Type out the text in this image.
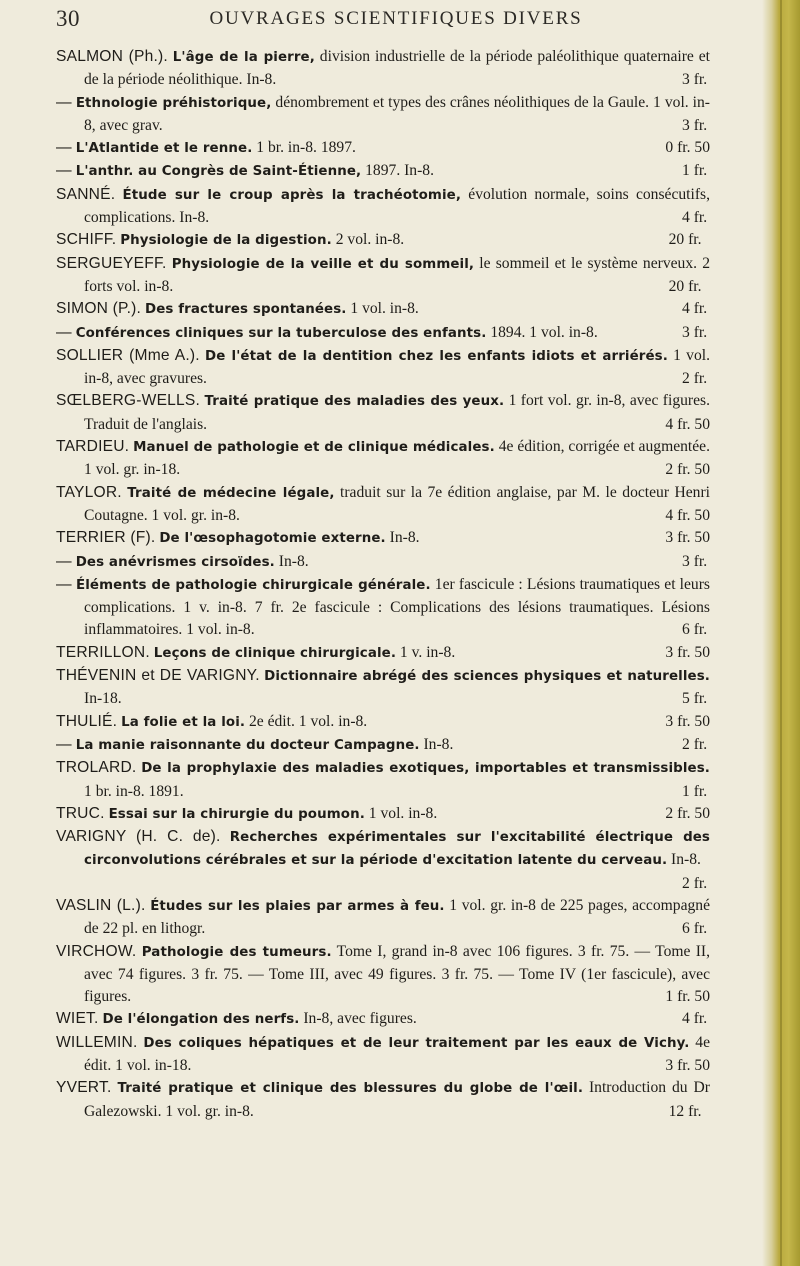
30	OUVRAGES SCIENTIFIQUES DIVERS

SALMON (Ph.). L'âge de la pierre, division industrielle de la période paléolithique quaternaire et de la période néolithique. In-8.	3 fr.

— Ethnologie préhistorique, dénombrement et types des crânes néolithiques de la Gaule. 1 vol. in-8, avec grav.	3 fr.

— L'Atlantide et le renne. 1 br. in-8. 1897.	0 fr. 50

— L'anthr. au Congrès de Saint-Étienne, 1897. In-8.	1 fr.

SANNÉ. Étude sur le croup après la trachéotomie, évolution normale, soins consécutifs, complications. In-8.	4 fr.

SCHIFF. Physiologie de la digestion. 2 vol. in-8.	20 fr.

SERGUEYEFF. Physiologie de la veille et du sommeil, le sommeil et le système nerveux. 2 forts vol. in-8.	20 fr.

SIMON (P.). Des fractures spontanées. 1 vol. in-8.	4 fr.

— Conférences cliniques sur la tuberculose des enfants. 1894. 1 vol. in-8.	3 fr.

SOLLIER (Mme A.). De l'état de la dentition chez les enfants idiots et arriérés. 1 vol. in-8, avec gravures.	2 fr.

SŒLBERG-WELLS. Traité pratique des maladies des yeux. 1 fort vol. gr. in-8, avec figures. Traduit de l'anglais.	4 fr. 50

TARDIEU. Manuel de pathologie et de clinique médicales. 4e édition, corrigée et augmentée. 1 vol. gr. in-18.	2 fr. 50

TAYLOR. Traité de médecine légale, traduit sur la 7e édition anglaise, par M. le docteur Henri Coutagne. 1 vol. gr. in-8.	4 fr. 50

TERRIER (F). De l'œsophagotomie externe. In-8.	3 fr. 50

— Des anévrismes cirsoïdes. In-8.	3 fr.

— Éléments de pathologie chirurgicale générale. 1er fascicule : Lésions traumatiques et leurs complications. 1 v. in-8. 7 fr. 2e fascicule : Complications des lésions traumatiques. Lésions inflammatoires. 1 vol. in-8.	6 fr.

TERRILLON. Leçons de clinique chirurgicale. 1 v. in-8.	3 fr. 50

THÉVENIN et DE VARIGNY. Dictionnaire abrégé des sciences physiques et naturelles. In-18.	5 fr.

THULIÉ. La folie et la loi. 2e édit. 1 vol. in-8.	3 fr. 50

— La manie raisonnante du docteur Campagne. In-8.	2 fr.

TROLARD. De la prophylaxie des maladies exotiques, importables et transmissibles. 1 br. in-8. 1891.	1 fr.

TRUC. Essai sur la chirurgie du poumon. 1 vol. in-8.	2 fr. 50

VARIGNY (H. C. de). Recherches expérimentales sur l'excitabilité électrique des circonvolutions cérébrales et sur la période d'excitation latente du cerveau. In-8.
2 fr.

VASLIN (L.). Études sur les plaies par armes à feu. 1 vol. gr. in-8 de 225 pages, accompagné de 22 pl. en lithogr.	6 fr.

VIRCHOW. Pathologie des tumeurs. Tome I, grand in-8 avec 106 figures. 3 fr. 75. — Tome II, avec 74 figures. 3 fr. 75. — Tome III, avec 49 figures. 3 fr. 75. — Tome IV (1er fascicule), avec figures.	1 fr. 50

WIET. De l'élongation des nerfs. In-8, avec figures.	4 fr.

WILLEMIN. Des coliques hépatiques et de leur traitement par les eaux de Vichy. 4e édit. 1 vol. in-18.	3 fr. 50

YVERT. Traité pratique et clinique des blessures du globe de l'œil. Introduction du Dr Galezowski. 1 vol. gr. in-8.	12 fr.
